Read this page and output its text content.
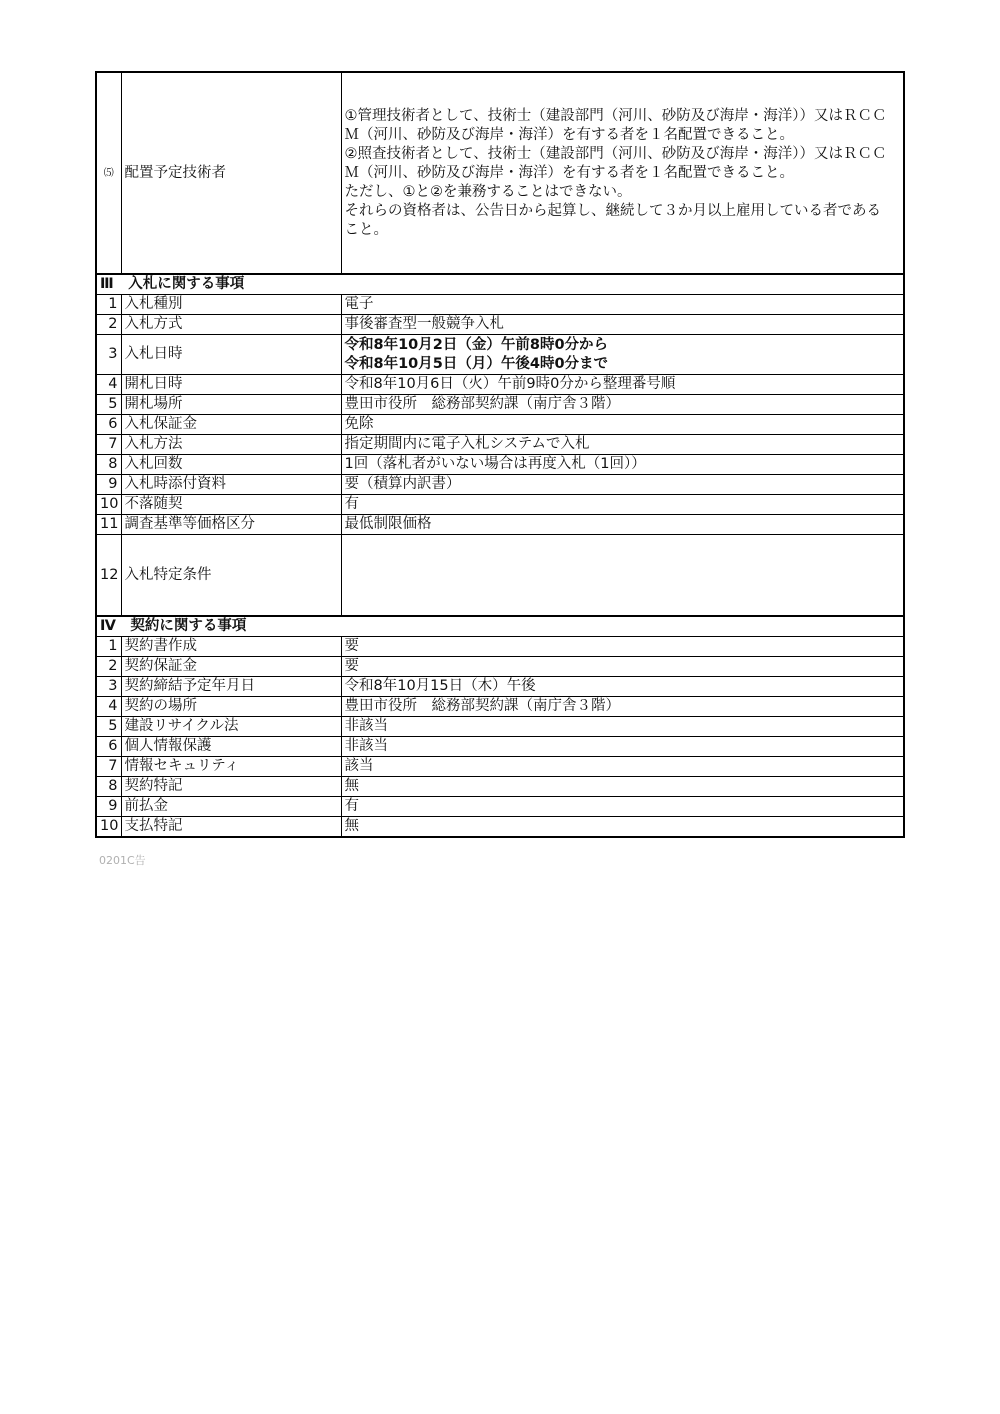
⑸	配置予定技術者	①管理技術者として、技術士（建設部門（河川、砂防及び海岸・海洋））又はＲＣＣＭ（河川、砂防及び海岸・海洋）を有する者を１名配置できること。
②照査技術者として、技術士（建設部門（河川、砂防及び海岸・海洋））又はＲＣＣＭ（河川、砂防及び海岸・海洋）を有する者を１名配置できること。
ただし、①と②を兼務することはできない。
それらの資格者は、公告日から起算し、継続して３か月以上雇用している者であること。

Ⅲ　入札に関する事項		
1	入札種別	電子
2	入札方式	事後審査型一般競争入札
3	入札日時	令和8年10月2日（金）午前8時0分から
令和8年10月5日（月）午後4時0分まで

4	開札日時	令和8年10月6日（火）午前9時0分から整理番号順
5	開札場所	豊田市役所　総務部契約課（南庁舎３階）
6	入札保証金	免除
7	入札方法	指定期間内に電子入札システムで入札
8	入札回数	1回（落札者がいない場合は再度入札（1回））
9	入札時添付資料	要（積算内訳書）
10	不落随契	有
11	調査基準等価格区分	最低制限価格
12	入札特定条件	
Ⅳ　契約に関する事項		
1	契約書作成	要
2	契約保証金	要
3	契約締結予定年月日	令和8年10月15日（木）午後
4	契約の場所	豊田市役所　総務部契約課（南庁舎３階）
5	建設リサイクル法	非該当
6	個人情報保護	非該当
7	情報セキュリティ	該当
8	契約特記	無
9	前払金	有
10	支払特記	無
0201C告
